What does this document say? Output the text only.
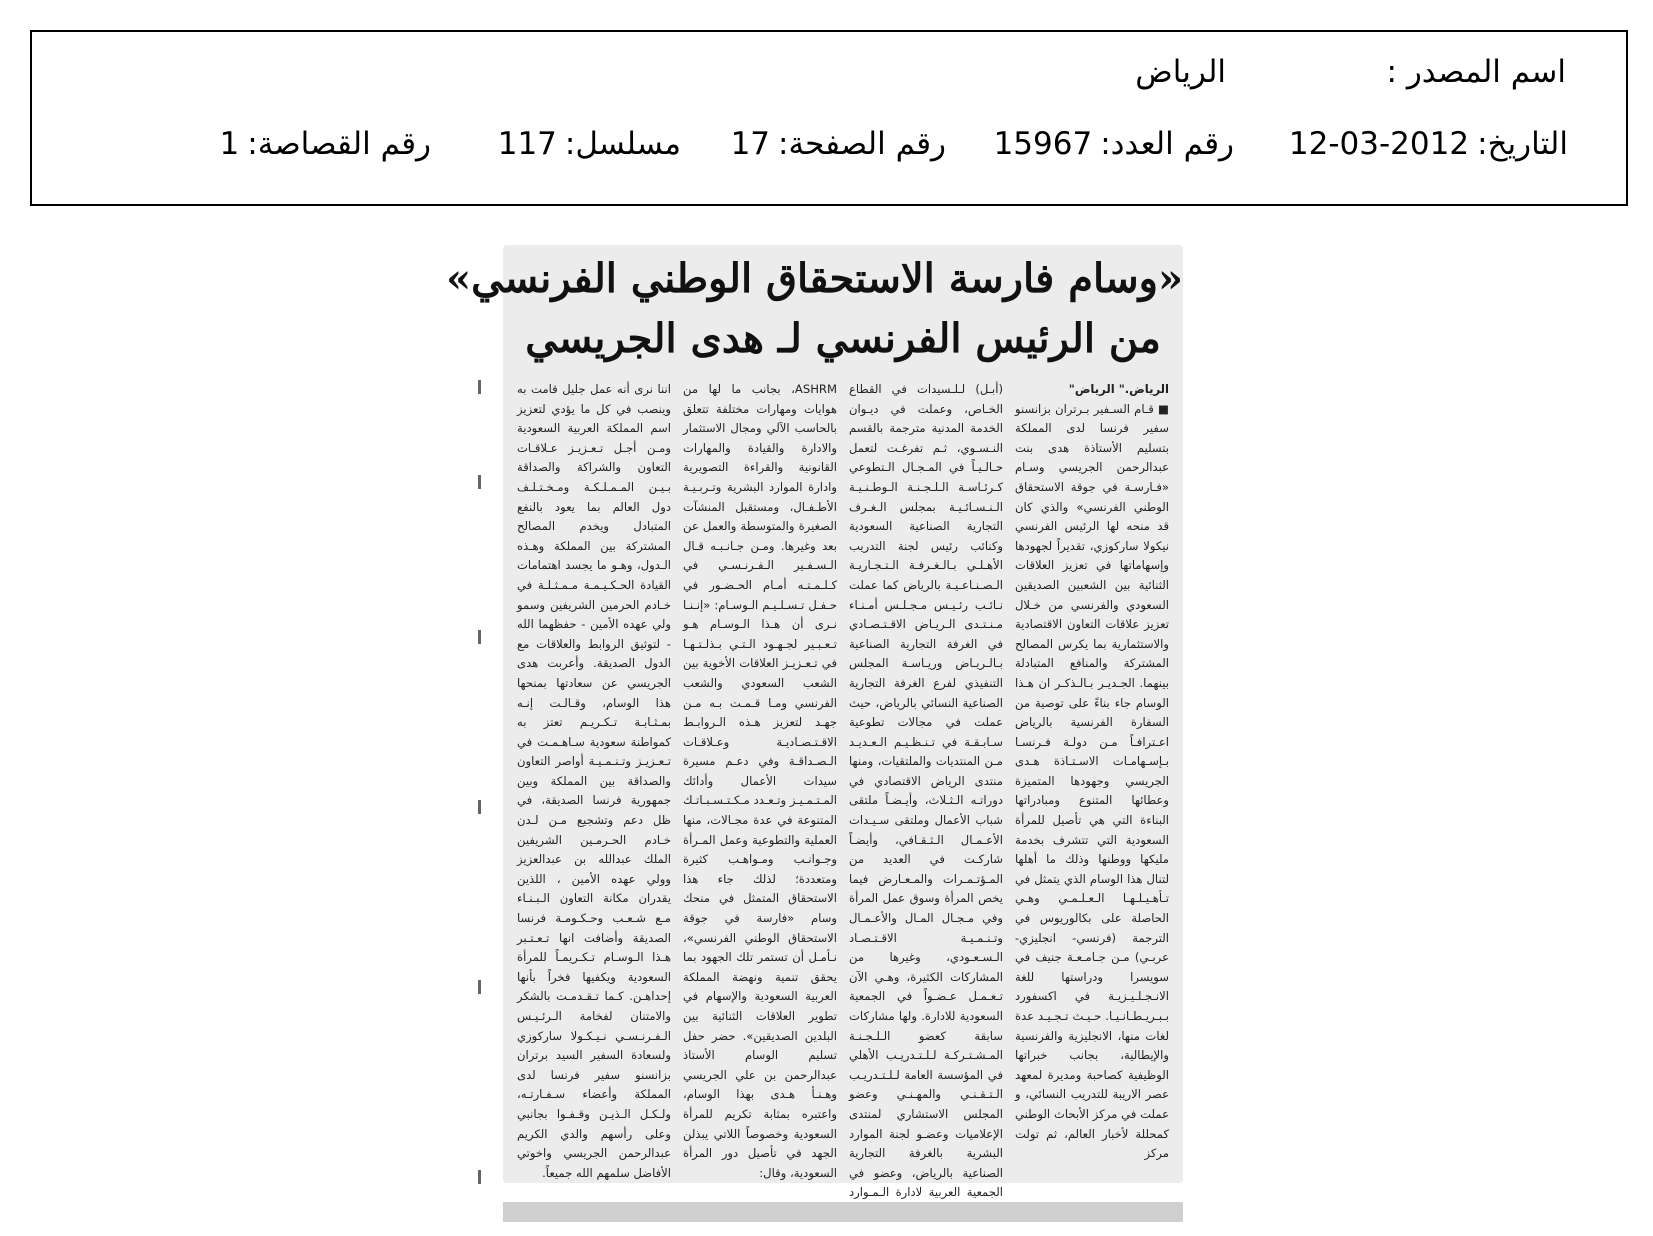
اسم المصدر :
الرياض
التاريخ:2012-03-12
رقم العدد:15967
رقم الصفحة:17
مسلسل:117
رقم القصاصة:1
«وسام فارسة الاستحقاق الوطني الفرنسي»
من الرئيس الفرنسي لـ هدى الجريسي
الرياض." الرياض"
■ قـام السـفير بـرتران بزانسنو سفير فرنسا لدى المملكة بتسليم الأستاذة هدى بنت عبدالرحمن الجريسي وسـام «فـارسـة في جوقة الاستحقاق الوطني الفرنسي» والذي كان قد منحه لها الرئيس الفرنسي نيكولا ساركوزي، تقديراً لجهودها وإسهاماتها في تعزيز العلاقات الثنائية بين الشعبين الصديقين السعودي والفرنسي من خـلال تعزيز علاقات التعاون الاقتصادية والاستثمارية بما يكرس المصالح المشتركة والمنافع المتبادلة بينهما. الجـديـر بـالـذكـر ان هـذا الوسام جاء بناءً على توصية من السفارة الفرنسية بالرياض اعـترافـاً مـن دولـة فـرنسـا بـإسـهامـات الاسـتـاذة هـدى الجريسي وجهودها المتميزة وعطائها المتنوع ومبادراتها البناءة التي هي تأصيل للمرأة السعودية التي تتشرف بخدمة مليكها ووطنها وذلك ما أهلها لتنال هذا الوسام الذي يتمثل في تـأهـيـلـهـا الـعـلـمـي وهـي الحاصلة على بكالوريوس في الترجمة (فرنسي- انجليزي- عربـي) مـن جـامـعـة جنيف في سويسرا ودراستها للغة الانـجـلـيـزيـة في اكسفورد بـبـريـطـانـيـا. حـيـث تـجـيـد عدة لغات منها، الانجليزية والفرنسية والإيطالية، بجانب خبراتها الوظيفية كصاحبة ومديرة لمعهد عصر الاريبة للتدريب النسائي، و عملت في مركز الأبحاث الوطني كمحللة لأخبار العالم، ثم تولت مركز
(أبـل) لـلـسيدات في القطاع الخـاص، وعملت في ديـوان الخدمة المدنية مترجمة بالقسم النـسـوي، ثـم تفرغـت لتعمل حـالـيـاً في المـجـال الـتطوعي كـرئـاسـة الـلـجـنـة الـوطـنـيـة الـنـسـائـيـة بمجلس الـغـرف التجارية الصناعية السعودية وكنائب رئيس لجنة التدريب الأهـلـي بـالـغـرفـة الـتـجـاريـة الـصـنـاعـيـة بالرياض كما عملت نـائـب رئـيـس مـجـلـس أمـنـاء مـنـتـدى الـريـاض الاقـتـصـادي في الغرفة التجارية الصناعية بـالـريـاض وريـاسـة المجلس التنفيذي لفرع الغرفة التجارية الصناعية النسائي بالرياض، حيث عملت في مجالات تطوعية سـابـقـة في تـنـظـيـم الـعـديـد مـن المنتديات والملتقيات، ومنها منتدى الرياض الاقتصادي في دوراتـه الـثـلاث، وأيـضـاً ملتقى شباب الأعمال وملتقى سـيـدات الأعـمـال الـثـقـافي، وأيضـاً شاركـت في العديد من المـؤتـمـرات والمـعـارض فيما يخص المرأة وسوق عمل المرأة وفي مـجـال المـال والأعـمـال وتـنـمـيـة الاقـتـصـاد الـسـعـودي، وغيرها من المشاركات الكثيرة، وهـي الآن تـعـمـل عـضـواً في الجمعية السعودية للادارة. ولها مشاركات سابقة كعضو الـلـجـنـة المـشـتـركـة لـلـتـدريـب الأهلي في المؤسسة العامة لـلـتـدريـب الـتـقـنـي والمهـنـي وعضو المجلس الاستشاري لمنتدى الإعلاميات وعضـو لجنة الموارد البشرية بالغرفة التجارية الصناعية بالرياض، وعضو في الجمعية العربية لادارة الـمـوارد
ASHRM، بجانب ما لها من هوايات ومهارات مختلفة تتعلق بالحاسب الآلي ومجال الاستثمار والادارة والقيادة والمهارات القانونية والقراءة التصويرية وادارة الموارد البشرية وتـربـيـة الأطـفـال، ومستقبل المنشآت الصغيرة والمتوسطة والعمل عن بعد وغيرها. ومـن جـانـبـه قـال الـسـفـير الـفـرنـسـي في كـلـمـتـه أمـام الحـضـور في حـفـل تـسـلـيـم الـوسـام: «إنـنـا نـرى أن هـذا الـوسـام هـو تـعـبـير لجـهـود الـتـي بـذلـتـهـا في تـعـزيـز العلاقات الأخوية بين الشعب السعودي والشعب الفرنسي ومـا قـمـت بـه مـن جهـد لتعزيز هـذه الـروابـط الاقـتـصـاديـة وعـلاقـات الـصـداقـة وفي دعـم مسيرة سيدات الأعمال وأدائك المـتـمـيـز وتـعـدد مـكـتـسـبـاتـك المتنوعة في عدة مجـالات، منها العملية والتطوعية وعمل المـرأة وجـوانـب ومـواهـب كثيرة ومتعددة؛ لذلك جاء هذا الاستحقاق المتمثل في منحك وسام «فارسة في جوقة الاستحقاق الوطني الفرنسي»، نـأمـل أن تستمر تلك الجهود بما يحقق تنمية ونهضة المملكة العربية السعودية والإسهام في تطوير العلاقات الثنائية بين البلدين الصديقين». حضر حفل تسليم الوسام الأستاذ عبدالرحمن بن علي الجريسي وهـنـأ هـدى بهذا الوسام، واعتبره بمثابة تكريم للمرأة السعودية وخصوصاً اللاتي يبذلن الجهد في تأصيل دور المرأة السعودية، وقال:
اننا نرى أنه عمل جليل قامت به وينصب في كل ما يؤدي لتعزيز اسم المملكة العربية السعودية ومـن أجـل تـعـزيـز عـلاقـات التعاون والشراكة والصداقة بـيـن المـمـلـكـة ومـخـتـلـف دول العالم بما يعود بالنفع المتبادل ويخدم المصالح المشتركة بين المملكة وهـذه الـدول، وهـو ما يجسد اهتمامات القيادة الحـكـيـمـة مـمـثـلـة في خـادم الحرمين الشريفين وسمو ولي عهده الأمين - حفظهما الله - لتوثيق الروابط والعلاقات مع الدول الصديقة. وأعربت هدى الجريسي عن سعادتها بمنحها هذا الوسام، وقـالـت إنـه بمـثـابـة تـكـريـم تعتز به كمواطنة سعودية سـاهـمـت في تـعـزيـز وتـنـمـيـة أواصر التعاون والصداقة بين المملكة وبين جمهورية فرنسا الصديقة، في ظل دعم وتشجيع مـن لـدن خـادم الحـرمـين الشريفين الملك عبدالله بن عبدالعزيز وولي عهده الأمين ، اللذين يقدران مكانة التعاون الـبـنـاء مـع شـعـب وحـكـومـة فرنسا الصديقة وأضافت انها تـعـتـبر هـذا الـوسـام تـكـريمـاً للمرأة السعودية ويكفيها فخراً بأنها إحداهـن. كـما تـقـدمـت بالشكر والامتنان لفخامة الـرئـيـس الـفـرنـسـي نـيـكـولا ساركوزي ولسعادة السفير السيد برتران بزانسنو سفير فرنسا لدى المملكة وأعضاء سـفـارتـه، ولـكـل الـذيـن وقـفـوا بجانبي وعلى رأسهم والدي الكريم عبدالرحمن الجريسي واخوتي الأفاضل سلمهم الله جميعاً.
